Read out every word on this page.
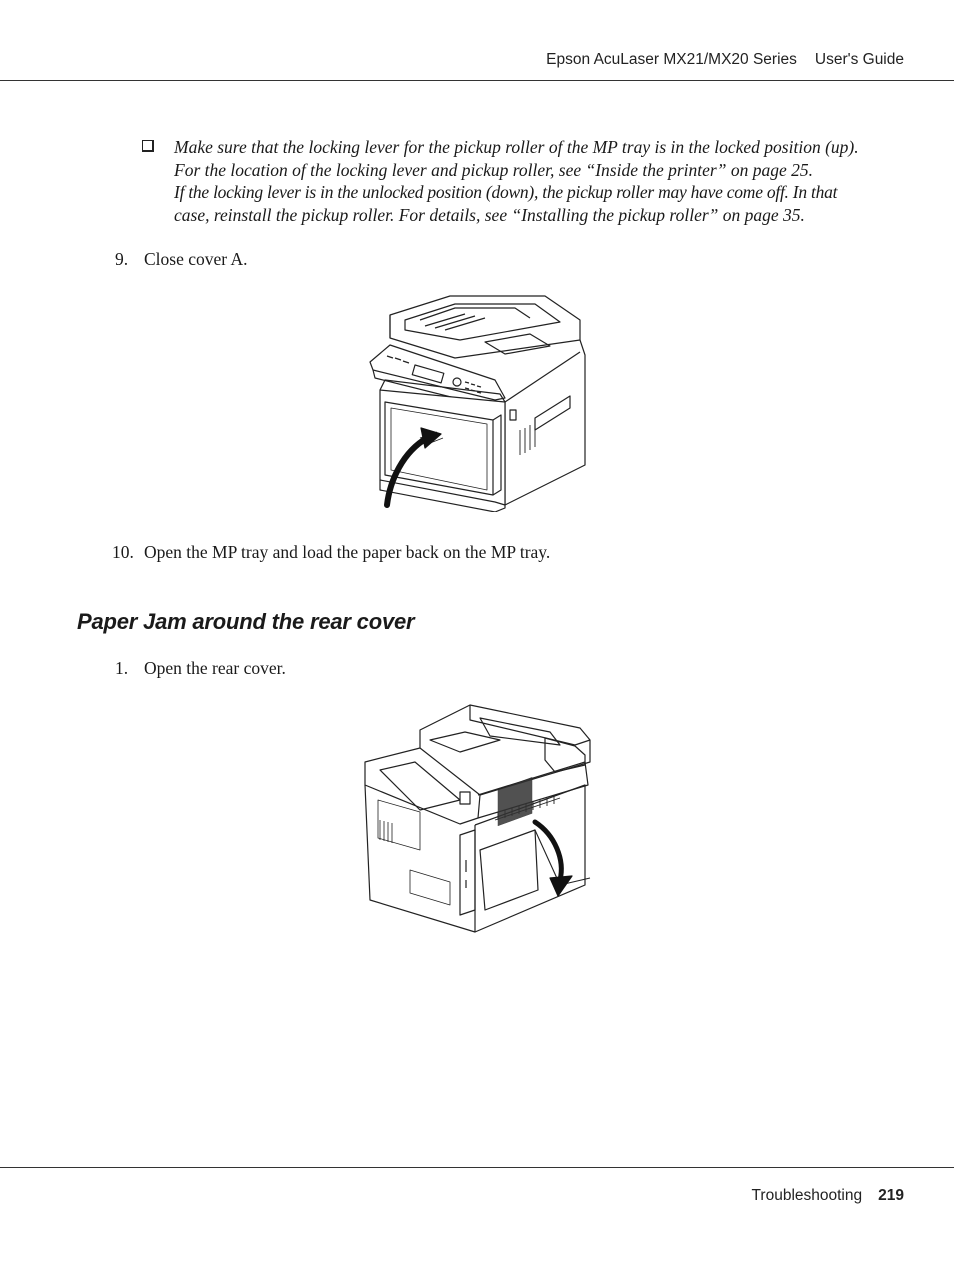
Epson AcuLaser MX21/MX20 Series User's Guide

Make sure that the locking lever for the pickup roller of the MP tray is in the locked position (up).

For the location of the locking lever and pickup roller, see “Inside the printer” on page 25.

If the locking lever is in the unlocked position (down), the pickup roller may have come off. In that

case, reinstall the pickup roller. For details, see “Installing the pickup roller” on page 35.

9. Close cover A.
10. Open the MP tray and load the paper back on the MP tray.
Paper Jam around the rear cover
1. Open the rear cover.
Troubleshooting 219
